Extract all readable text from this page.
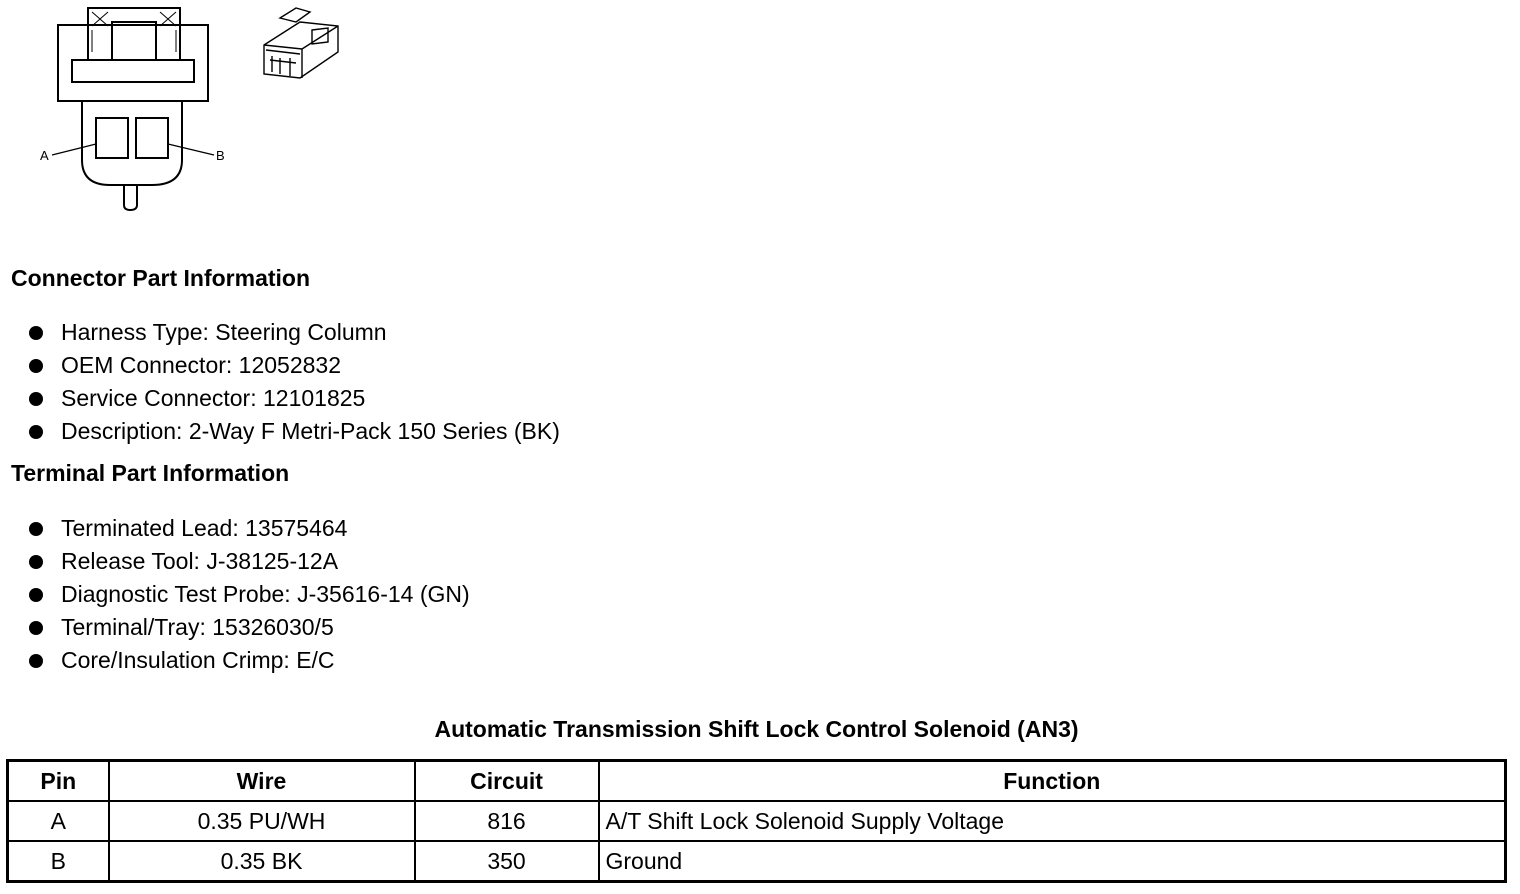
A	B
Connector Part Information
Harness Type: Steering Column
OEM Connector: 12052832
Service Connector: 12101825
Description: 2-Way F Metri-Pack 150 Series (BK)
Terminal Part Information
Terminated Lead: 13575464
Release Tool: J-38125-12A
Diagnostic Test Probe: J-35616-14 (GN)
Terminal/Tray: 15326030/5
Core/Insulation Crimp: E/C
Automatic Transmission Shift Lock Control Solenoid (AN3)
Pin	Wire	Circuit	Function
A	0.35 PU/WH	816	A/T Shift Lock Solenoid Supply Voltage
B	0.35 BK	350	Ground
